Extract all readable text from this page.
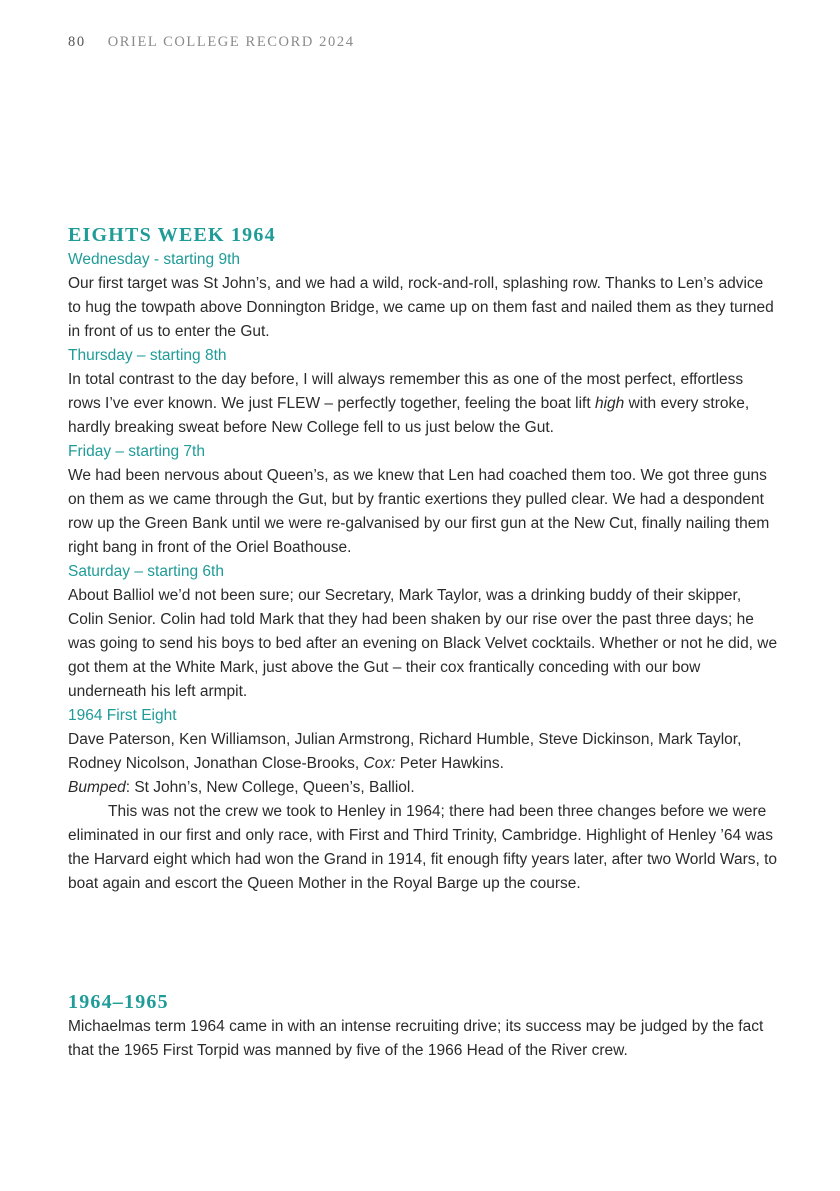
80 ORIEL COLLEGE RECORD 2024
EIGHTS WEEK 1964
Wednesday - starting 9th

Our first target was St John’s, and we had a wild, rock-and-roll, splashing row. Thanks to Len’s advice to hug the towpath above Donnington Bridge, we came up on them fast and nailed them as they turned in front of us to enter the Gut.

Thursday – starting 8th

In total contrast to the day before, I will always remember this as one of the most perfect, effortless rows I’ve ever known. We just FLEW – perfectly together, feeling the boat lift high with every stroke, hardly breaking sweat before New College fell to us just below the Gut.

Friday – starting 7th

We had been nervous about Queen’s, as we knew that Len had coached them too. We got three guns on them as we came through the Gut, but by frantic exertions they pulled clear. We had a despondent row up the Green Bank until we were re-galvanised by our first gun at the New Cut, finally nailing them right bang in front of the Oriel Boathouse.

Saturday – starting 6th

About Balliol we’d not been sure; our Secretary, Mark Taylor, was a drinking buddy of their skipper, Colin Senior. Colin had told Mark that they had been shaken by our rise over the past three days; he was going to send his boys to bed after an evening on Black Velvet cocktails. Whether or not he did, we got them at the White Mark, just above the Gut – their cox frantically conceding with our bow underneath his left armpit.

1964 First Eight

Dave Paterson, Ken Williamson, Julian Armstrong, Richard Humble, Steve Dickinson, Mark Taylor, Rodney Nicolson, Jonathan Close-Brooks, Cox: Peter Hawkins.

Bumped: St John’s, New College, Queen’s, Balliol.

This was not the crew we took to Henley in 1964; there had been three changes before we were eliminated in our first and only race, with First and Third Trinity, Cambridge. Highlight of Henley ’64 was the Harvard eight which had won the Grand in 1914, fit enough fifty years later, after two World Wars, to boat again and escort the Queen Mother in the Royal Barge up the course.

1964–1965

Michaelmas term 1964 came in with an intense recruiting drive; its success may be judged by the fact that the 1965 First Torpid was manned by five of the 1966 Head of the River crew.
